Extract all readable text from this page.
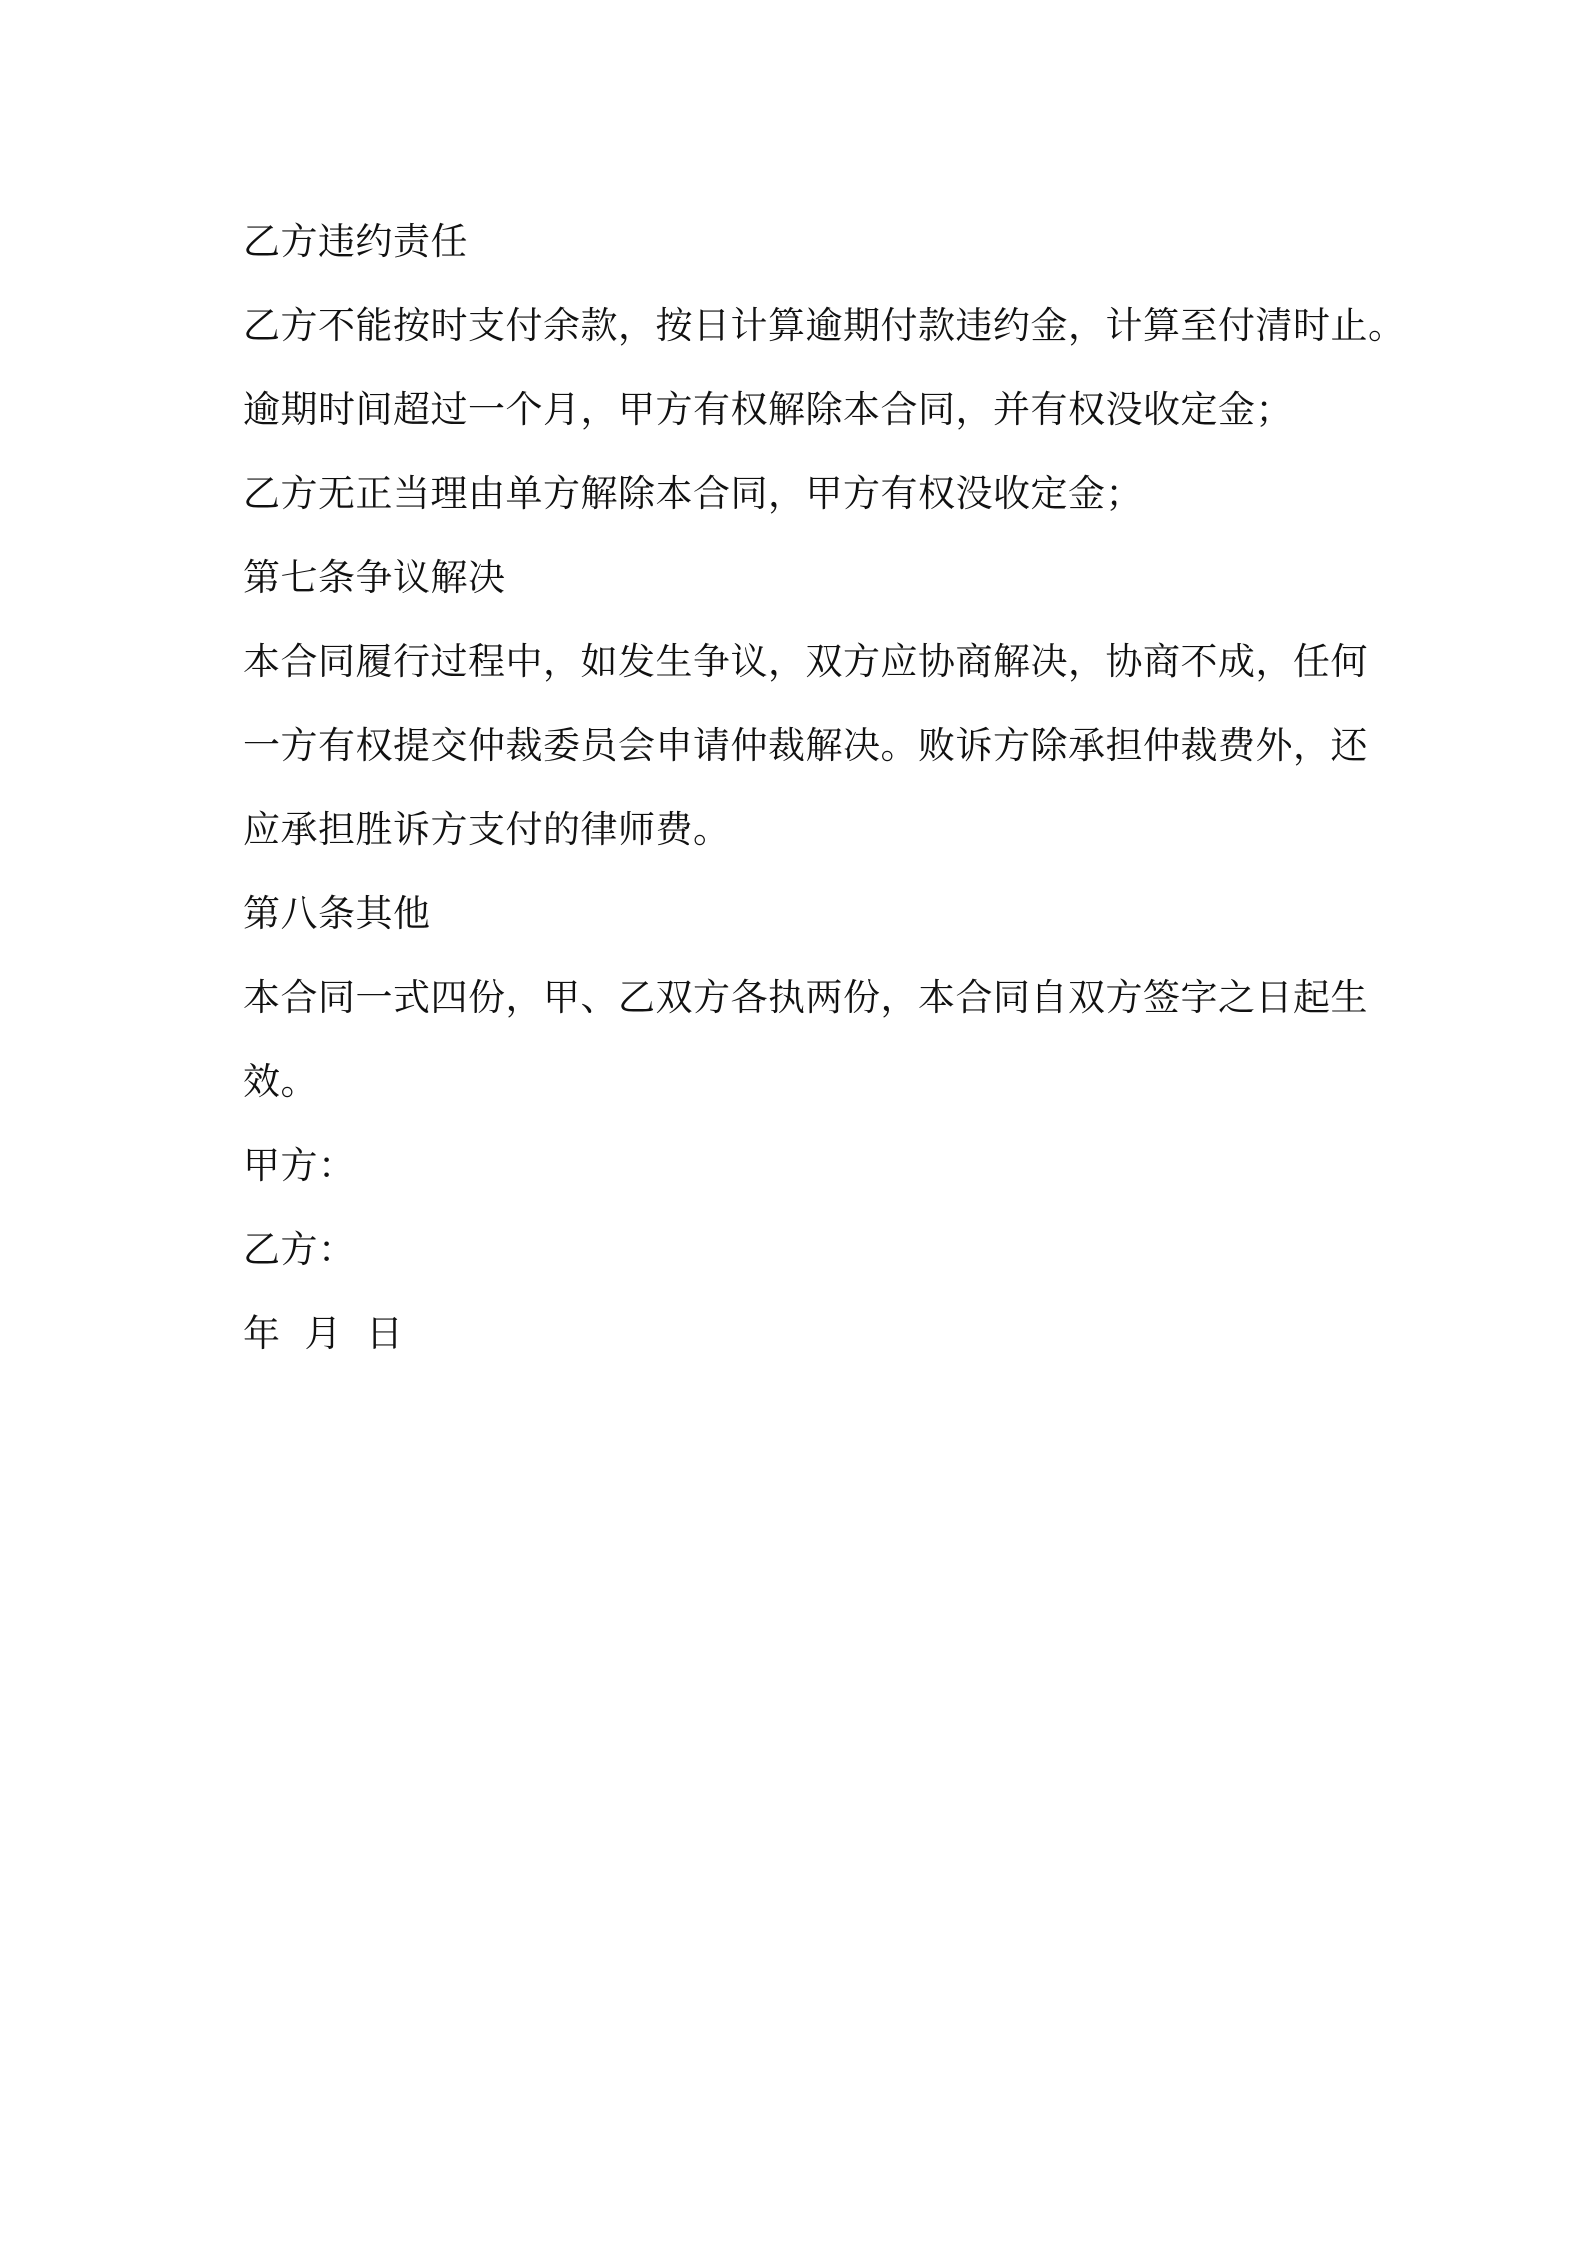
乙方违约责任
乙方不能按时支付余款，按日计算逾期付款违约金，计算至付清时止。
逾期时间超过一个月，甲方有权解除本合同，并有权没收定金；
乙方无正当理由单方解除本合同，甲方有权没收定金；
第七条争议解决
本合同履行过程中，如发生争议，双方应协商解决，协商不成，任何
一方有权提交仲裁委员会申请仲裁解决。败诉方除承担仲裁费外，还
应承担胜诉方支付的律师费。
第八条其他
本合同一式四份，甲、乙双方各执两份，本合同自双方签字之日起生
效。
甲方：
乙方：
年 月 日
